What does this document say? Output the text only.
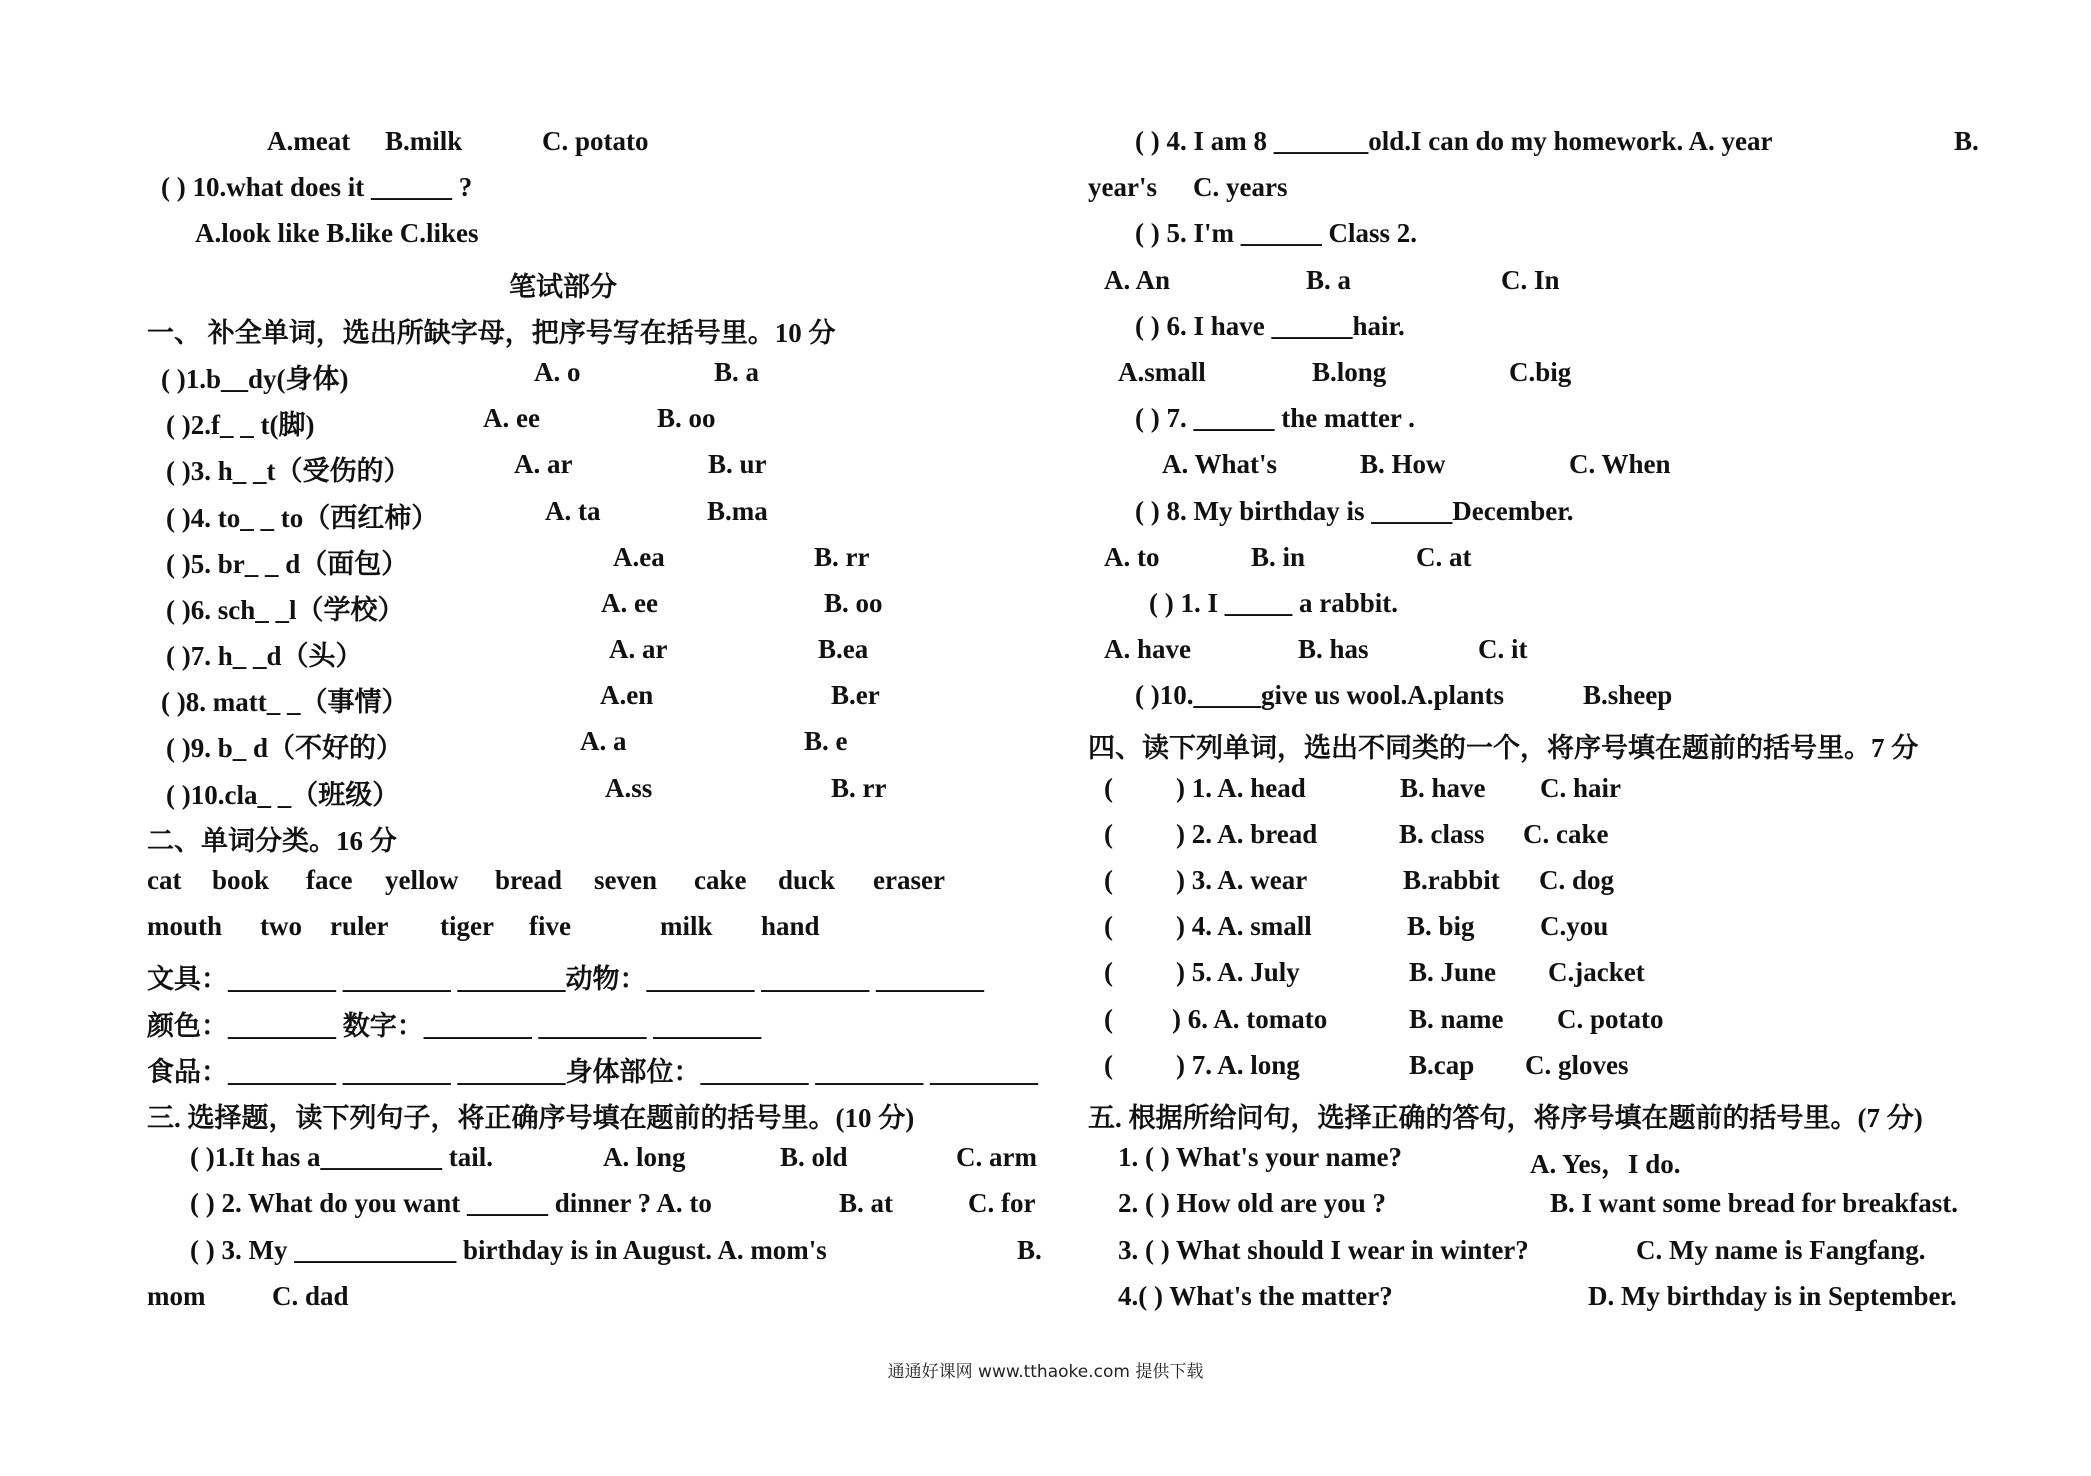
A.meat B.milk	C. potato
( ) 10.what does it ______ ?
A.look like B.like C.likes
笔试部分
一、 补全单词，选出所缺字母，把序号写在括号里。10 分
( )1.b__dy(身体)	A. o	B. a
( )2.f_ _ t(脚)	A. ee	B. oo
( )3. h_ _t（受伤的）	A. ar	B. ur
( )4. to_ _ to（西红柿）	A. ta	B.ma
( )5. br_ _ d（面包）	A.ea	B. rr
( )6. sch_ _l（学校）	A. ee	B. oo
( )7. h_ _d（头）	A. ar	B.ea
( )8. matt_ _（事情）	A.en	B.er
( )9. b_ d（不好的）	A. a	B. e
( )10.cla_ _（班级）	A.ss	B. rr
二、单词分类。16 分
cat book face yellow bread seven cake duck eraser
mouth two ruler tiger five	milk hand
文具：________ ________ ________动物：________ ________ ________
颜色：________ 数字：________ ________ ________
食品：________ ________ ________身体部位：________ ________ ________
三. 选择题，读下列句子，将正确序号填在题前的括号里。(10 分)
( )1.It has a_________ tail.	A. long	B. old	C. arm
( ) 2. What do you want ______ dinner ? A. to	B. at	C. for
( ) 3. My ____________ birthday is in August. A. mom's	B.
mom C. dad
( ) 4. I am 8 _______old.I can do my homework. A. year	B.
year's C. years
( ) 5. I'm ______ Class 2.
A. An	B. a	C. In
( ) 6. I have ______hair.
A.small	B.long	C.big
( ) 7. ______ the matter .
A. What's	B. How	C. When
( ) 8. My birthday is ______December.
A. to	B. in	C. at
( ) 1. I _____ a rabbit.
A. have	B. has	C. it
( )10._____give us wool.A.plants	B.sheep
四、读下列单词，选出不同类的一个，将序号填在题前的括号里。7 分
( ) 1. A. head	B. have C. hair
( ) 2. A. bread	B. class C. cake
( ) 3. A. wear	B.rabbit C. dog
( ) 4. A. small	B. big C.you
( ) 5. A. July	B. June C.jacket
( ) 6. A. tomato	B. name C. potato
( ) 7. A. long	B.cap C. gloves
五. 根据所给问句，选择正确的答句，将序号填在题前的括号里。(7 分)
1. ( ) What's your name?	A. Yes，I do.
2. ( ) How old are you ?	B. I want some bread for breakfast.
3. ( ) What should I wear in winter?	C. My name is Fangfang.
4.( ) What's the matter?	D. My birthday is in September.
通通好课网 www.tthaoke.com 提供下载
